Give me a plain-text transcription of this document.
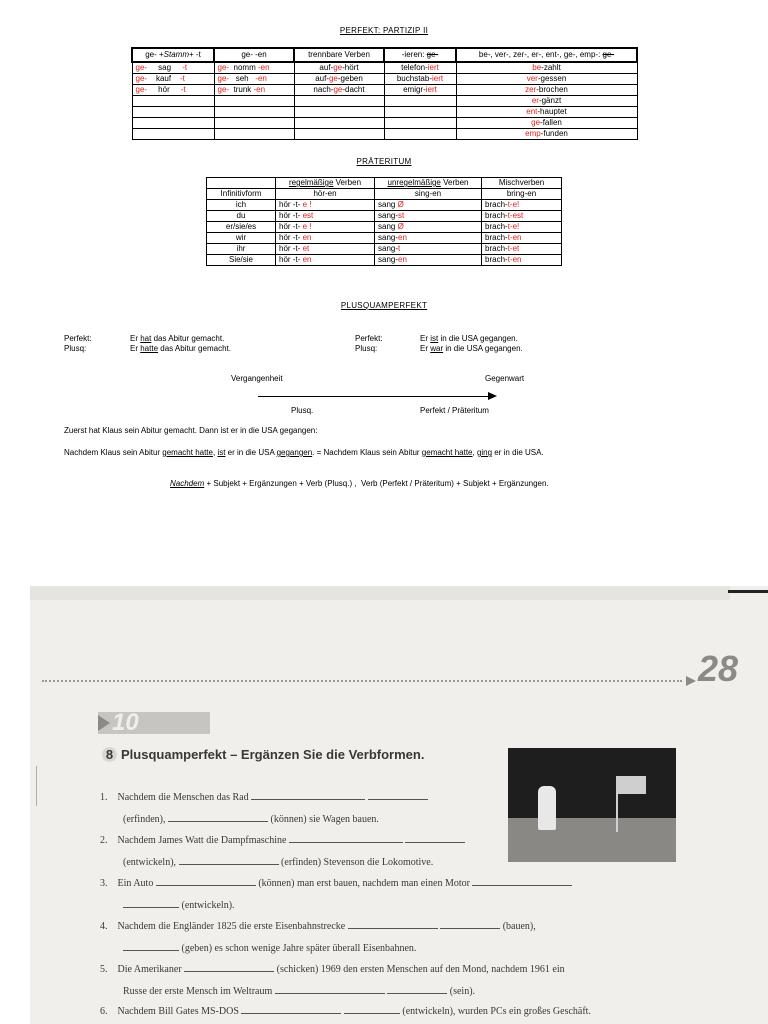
PERFEKT: PARTIZIP II
ge- +Stamm+ -t	ge- -en	trennbare Verben	-ieren: ge-	be-, ver-, zer-, er-, ent-, ge-, emp-: ge-
ge-     sag     -t	ge-  nomm -en	auf-ge-hört	telefon-iert	be-zahlt
ge-    kauf    -t	ge-   seh   -en	auf-ge-geben	buchstab-iert	ver-gessen
ge-     hör     -t	ge-  trunk -en	nach-ge-dacht	emigr-iert	zer-brochen
				er-gänzt
				ent-hauptet
				ge-fallen
				emp-funden
PRÄTERITUM
	regelmäßige Verben	unregelmäßige Verben	Mischverben
Infinitivform	hör-en	sing-en	bring-en
ich	hör -t- e !	sang Ø	brach-t-e!
du	hör -t- est	sang-st	brach-t-est
er/sie/es	hör -t- e !	sang Ø	brach-t-e!
wir	hör -t- en	sang-en	brach-t-en
ihr	hör -t- et	sang-t	brach-t-et
Sie/sie	hör -t- en	sang-en	brach-t-en
PLUSQUAMPERFEKT
Perfekt:
Plusq:
Er hat das Abitur gemacht.
Er hatte das Abitur gemacht.
Perfekt:
Plusq:
Er ist in die USA gegangen.
Er war in die USA gegangen.
Vergangenheit	Gegenwart
Plusq.	Perfekt / Präteritum
Zuerst hat Klaus sein Abitur gemacht. Dann ist er in die USA gegangen:
Nachdem Klaus sein Abitur gemacht hatte, ist er in die USA gegangen. = Nachdem Klaus sein Abitur gemacht hatte, ging er in die USA.
Nachdem + Subjekt + Ergänzungen + Verb (Plusq.) ,  Verb (Perfekt / Präteritum) + Subjekt + Ergänzungen.
28
10
8 Plusquamperfekt – Ergänzen Sie die Verbformen.
1. Nachdem die Menschen das Rad
(erfinden),	(können) sie Wagen bauen.
2. Nachdem James Watt die Dampfmaschine
(entwickeln),	(erfinden) Stevenson die Lokomotive.
3. Ein Auto	(können) man erst bauen, nachdem man einen Motor
(entwickeln).
4. Nachdem die Engländer 1825 die erste Eisenbahnstrecke	(bauen),
(geben) es schon wenige Jahre später überall Eisenbahnen.
5. Die Amerikaner	(schicken) 1969 den ersten Menschen auf den Mond, nachdem 1961 ein
Russe der erste Mensch im Weltraum	(sein).
6. Nachdem Bill Gates MS-DOS	(entwickeln), wurden PCs ein großes Geschäft.
